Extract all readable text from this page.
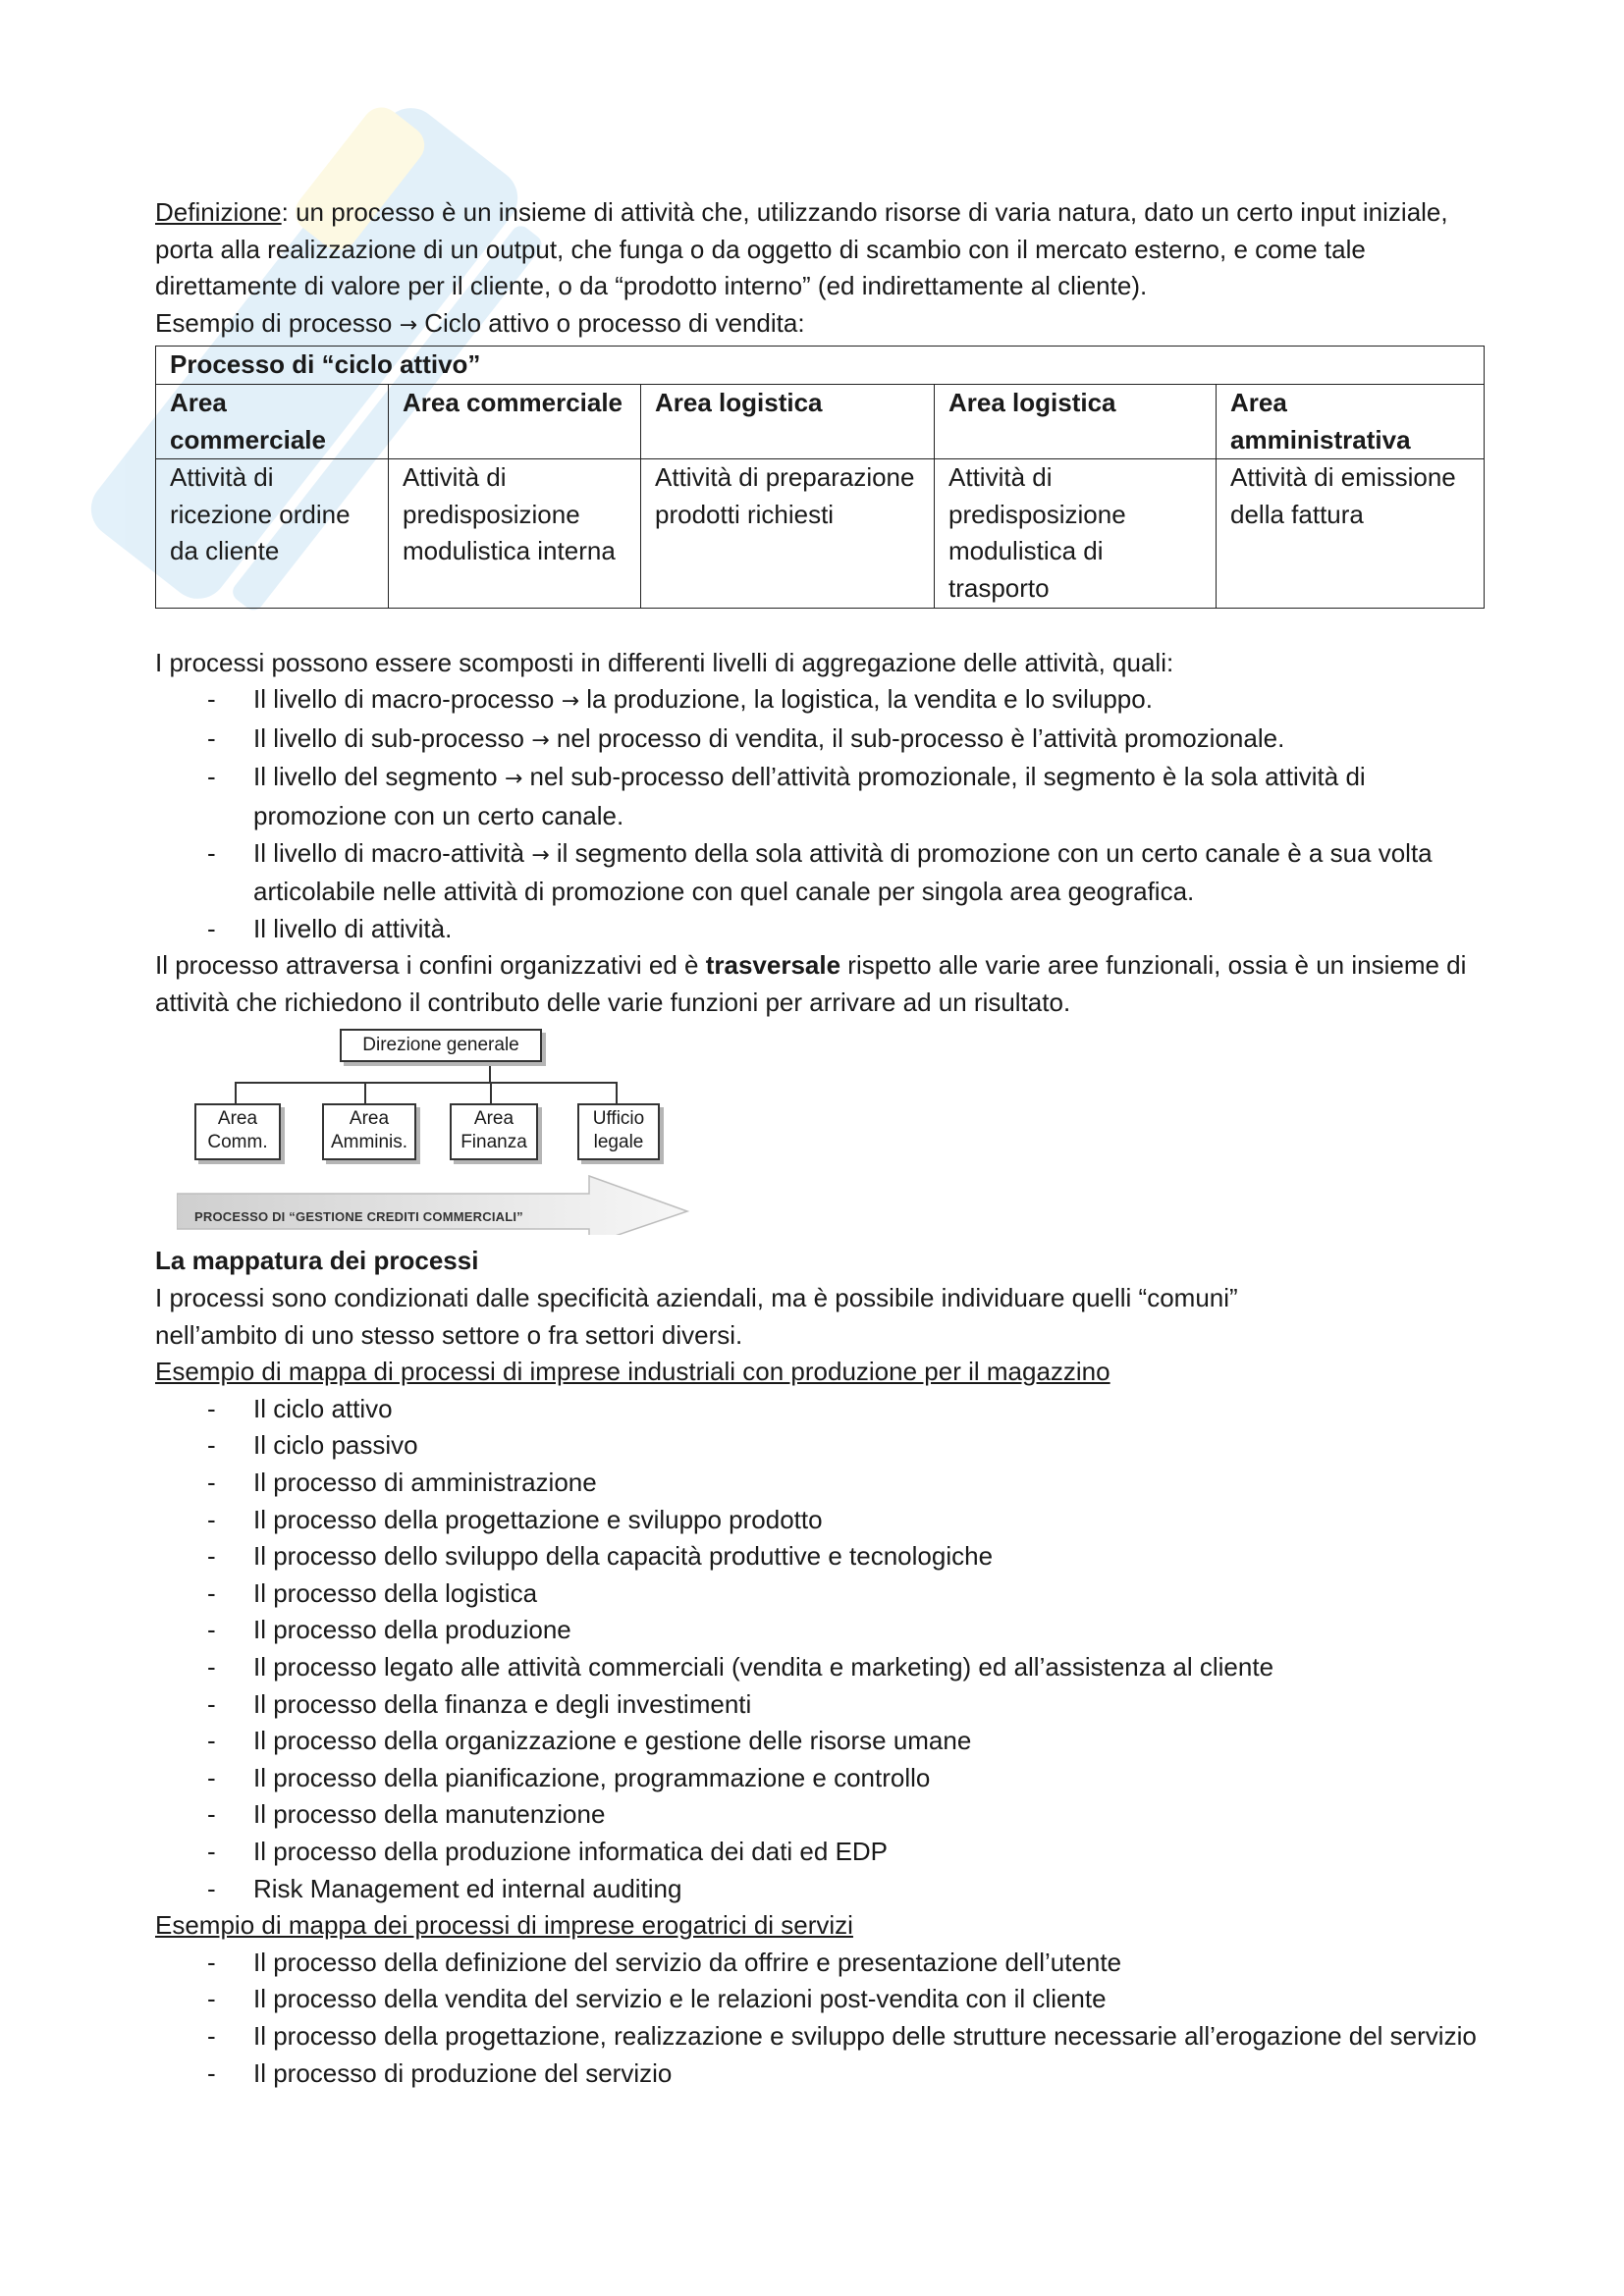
Definizione: un processo è un insieme di attività che, utilizzando risorse di varia natura, dato un certo input iniziale, porta alla realizzazione di un output, che funga o da oggetto di scambio con il mercato esterno, e come tale direttamente di valore per il cliente, o da “prodotto interno” (ed indirettamente al cliente).

Esempio di processo → Ciclo attivo o processo di vendita:

Processo di “ciclo attivo”				
Area commerciale	Area commerciale	Area logistica	Area logistica	Area amministrativa
Attività di ricezione ordine da cliente	Attività di predisposizione modulistica interna	Attività di preparazione prodotti richiesti	Attività di predisposizione modulistica di trasporto	Attività di emissione della fattura

I processi possono essere scomposti in differenti livelli di aggregazione delle attività, quali:

- Il livello di macro-processo → la produzione, la logistica, la vendita e lo sviluppo.
- Il livello di sub-processo → nel processo di vendita, il sub-processo è l’attività promozionale.
- Il livello del segmento → nel sub-processo dell’attività promozionale, il segmento è la sola attività di promozione con un certo canale.
- Il livello di macro-attività → il segmento della sola attività di promozione con un certo canale è a sua volta articolabile nelle attività di promozione con quel canale per singola area geografica.
- Il livello di attività.

Il processo attraversa i confini organizzativi ed è trasversale rispetto alle varie aree funzionali, ossia è un insieme di attività che richiedono il contributo delle varie funzioni per arrivare ad un risultato.

PROCESSO DI “GESTIONE CREDITI COMMERCIALI”
Direzione generale
Area Comm.
Area Amminis.
Area Finanza
Ufficio legale

La mappatura dei processi

I processi sono condizionati dalle specificità aziendali, ma è possibile individuare quelli “comuni” nell’ambito di uno stesso settore o fra settori diversi.

Esempio di mappa di processi di imprese industriali con produzione per il magazzino

- Il ciclo attivo
- Il ciclo passivo
- Il processo di amministrazione
- Il processo della progettazione e sviluppo prodotto
- Il processo dello sviluppo della capacità produttive e tecnologiche
- Il processo della logistica
- Il processo della produzione
- Il processo legato alle attività commerciali (vendita e marketing) ed all’assistenza al cliente
- Il processo della finanza e degli investimenti
- Il processo della organizzazione e gestione delle risorse umane
- Il processo della pianificazione, programmazione e controllo
- Il processo della manutenzione
- Il processo della produzione informatica dei dati ed EDP
- Risk Management ed internal auditing

Esempio di mappa dei processi di imprese erogatrici di servizi

- Il processo della definizione del servizio da offrire e presentazione dell’utente
- Il processo della vendita del servizio e le relazioni post-vendita con il cliente
- Il processo della progettazione, realizzazione e sviluppo delle strutture necessarie all’erogazione del servizio
- Il processo di produzione del servizio
